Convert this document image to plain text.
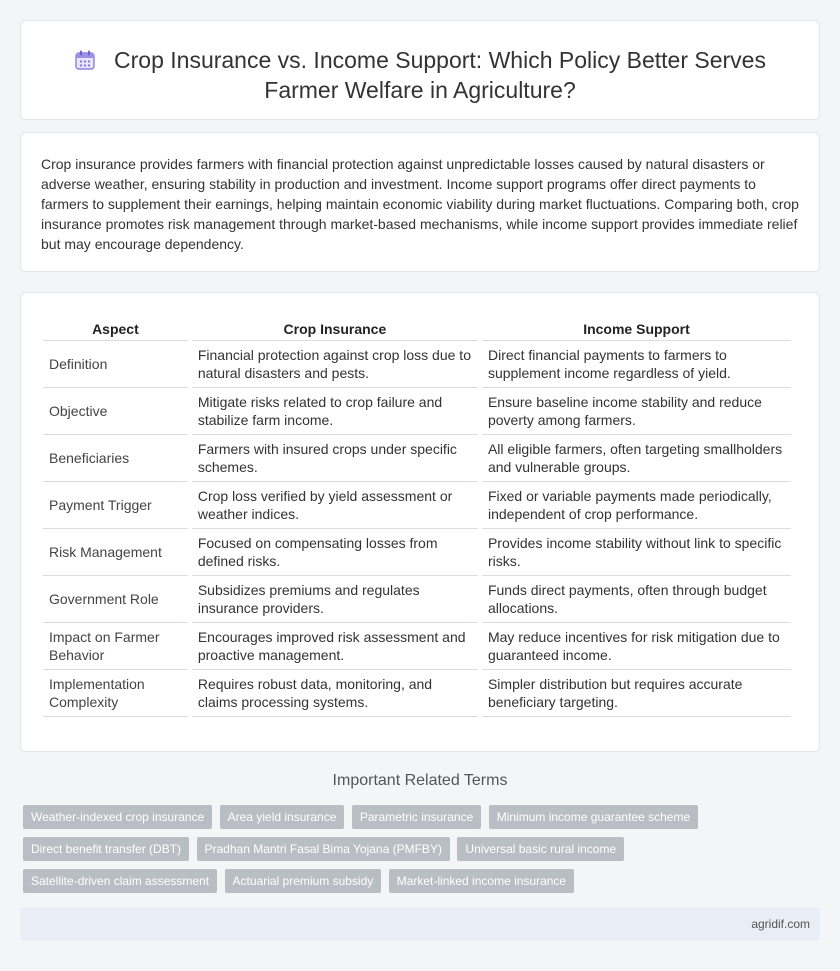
Crop Insurance vs. Income Support: Which Policy Better Serves
Farmer Welfare in Agriculture?

Crop insurance provides farmers with financial protection against unpredictable losses caused by natural disasters or adverse weather, ensuring stability in production and investment. Income support programs offer direct payments to farmers to supplement their earnings, helping maintain economic viability during market fluctuations. Comparing both, crop insurance promotes risk management through market-based mechanisms, while income support provides immediate relief but may encourage dependency.

Aspect	Crop Insurance	Income Support
Definition	Financial protection against crop loss due to natural disasters and pests.	Direct financial payments to farmers to supplement income regardless of yield.
Objective	Mitigate risks related to crop failure and stabilize farm income.	Ensure baseline income stability and reduce poverty among farmers.
Beneficiaries	Farmers with insured crops under specific schemes.	All eligible farmers, often targeting smallholders and vulnerable groups.
Payment Trigger	Crop loss verified by yield assessment or weather indices.	Fixed or variable payments made periodically, independent of crop performance.
Risk Management	Focused on compensating losses from defined risks.	Provides income stability without link to specific risks.
Government Role	Subsidizes premiums and regulates insurance providers.	Funds direct payments, often through budget allocations.
Impact on Farmer Behavior	Encourages improved risk assessment and proactive management.	May reduce incentives for risk mitigation due to guaranteed income.
Implementation Complexity	Requires robust data, monitoring, and claims processing systems.	Simpler distribution but requires accurate beneficiary targeting.
Important Related Terms
Weather-indexed crop insurance Area yield insurance Parametric insurance Minimum income guarantee scheme Direct benefit transfer (DBT) Pradhan Mantri Fasal Bima Yojana (PMFBY) Universal basic rural income Satellite-driven claim assessment Actuarial premium subsidy Market-linked income insurance
agridif.com
